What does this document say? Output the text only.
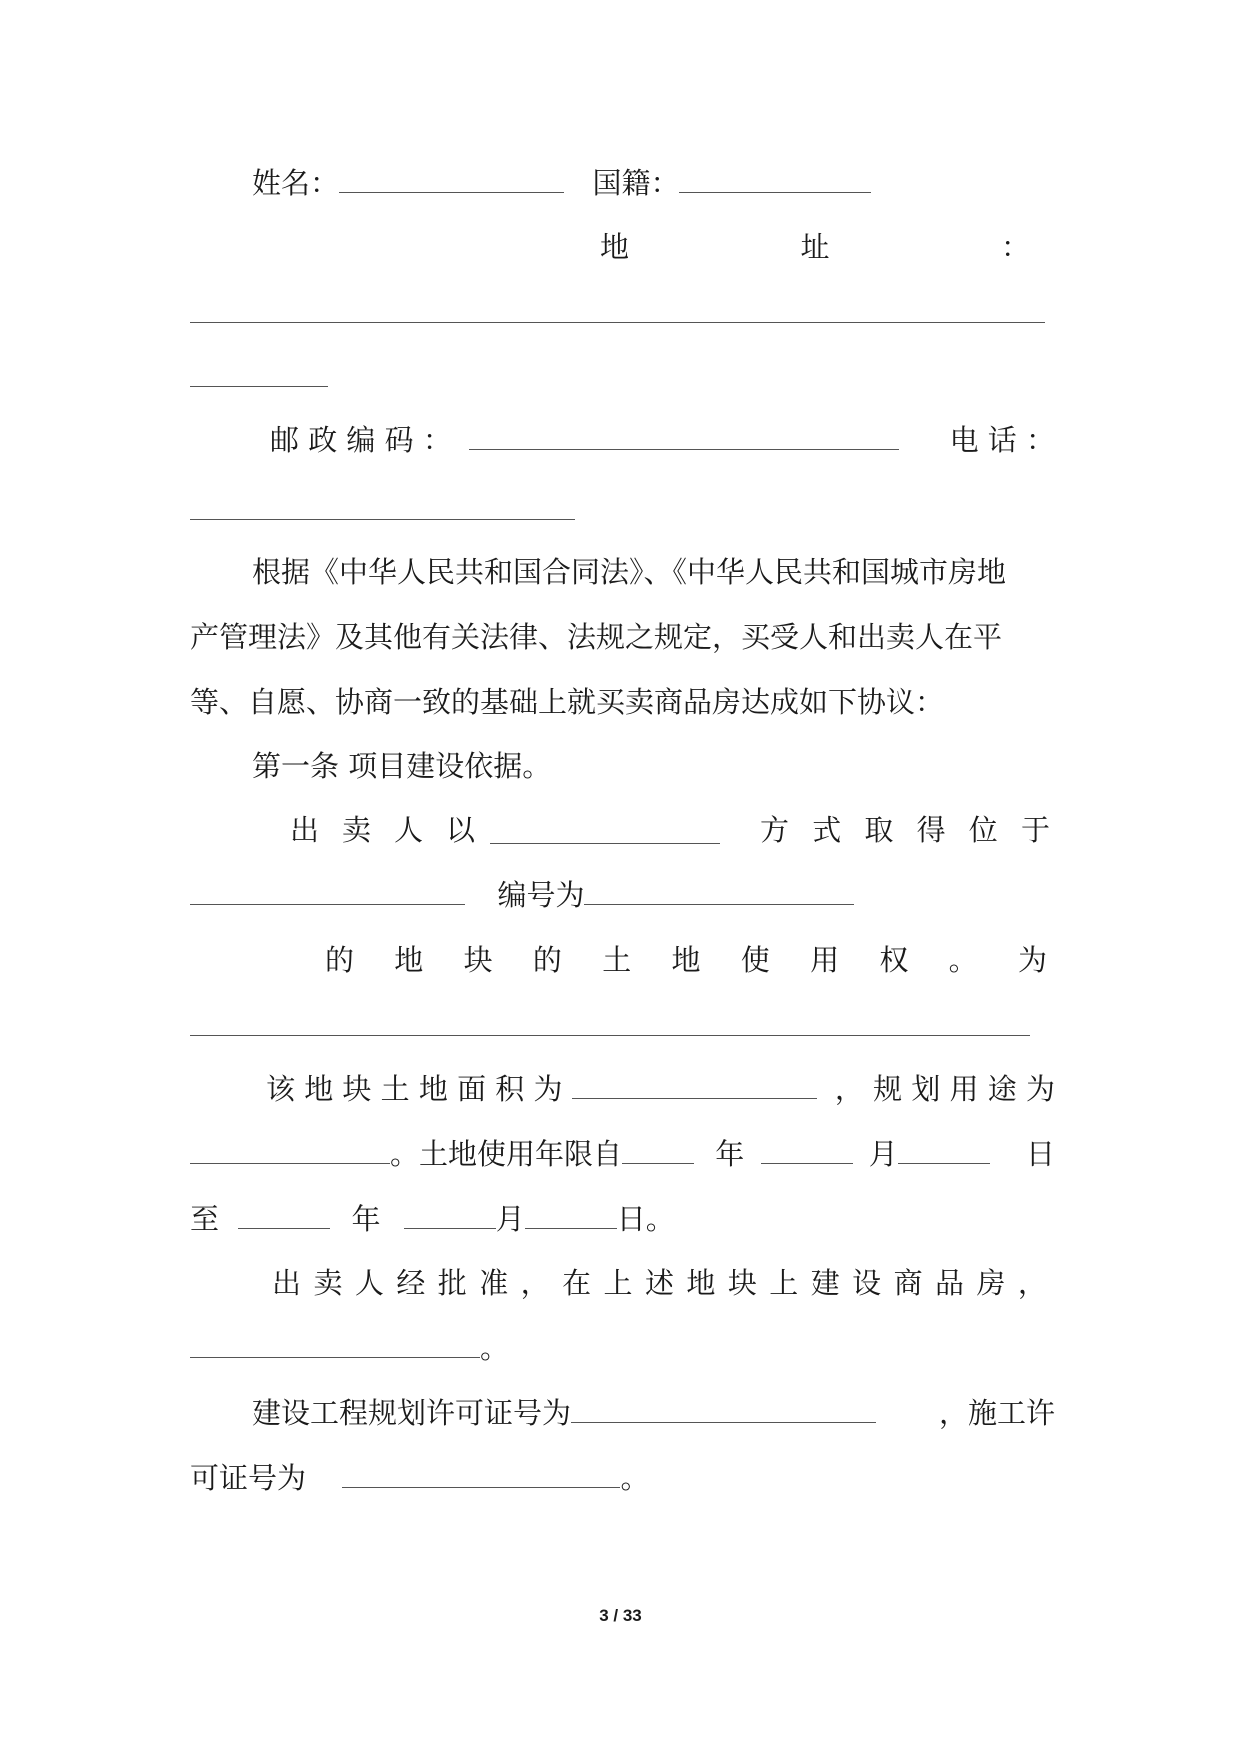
姓名：	国籍：
地	址	：
邮 政 编 码 ：	电 话 ：
根据《中华人民共和国合同法》、《中华人民共和国城市房地
产管理法》及其他有关法律、法规之规定，买受人和出卖人在平
等、自愿、协商一致的基础上就买卖商品房达成如下协议：
第一条 项目建设依据。
出 卖 人 以	方 式 取 得 位 于
编号为
的 地 块 的 土 地 使 用 权 。 为
该 地 块 土 地 面 积 为	， 规 划 用 途 为
。土地使用年限自	年	月	日
至	年	月	日。
出 卖 人 经 批 准 ， 在 上 述 地 块 上 建 设 商 品 房 ，
。
建设工程规划许可证号为	，施工许
可证号为	。
3 / 33
